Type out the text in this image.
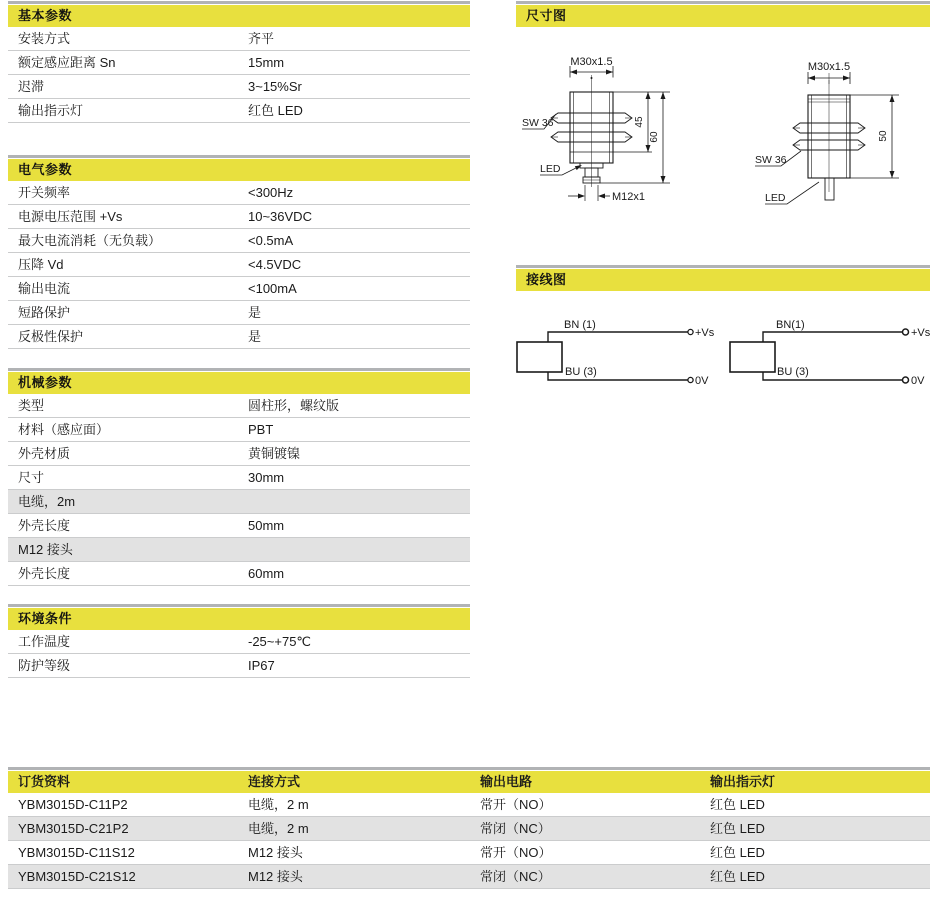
基本参数
安装方式	齐平
额定感应距离 Sn	15mm
迟滞	3~15%Sr
输出指示灯	红色 LED
电气参数
开关频率	<300Hz
电源电压范围 +Vs	10~36VDC
最大电流消耗（无负载）	<0.5mA
压降 Vd	<4.5VDC
输出电流	<100mA
短路保护	是
反极性保护	是
机械参数
类型	圆柱形，螺纹版
材料（感应面）	PBT
外壳材质	黄铜镀镍
尺寸	30mm
电缆，2m
外壳长度	50mm
M12 接头
外壳长度	60mm
环境条件
工作温度	-25~+75℃
防护等级	IP67
尺寸图
M30x1.5
SW 36
LED
M12x1
45
60
M30x1.5
SW 36
LED
50
接线图
+Vs
BN (1)
0V
BU (3)
+Vs
BN(1)
0V
BU (3)
订货资料	连接方式	输出电路	输出指示灯
YBM3015D-C11P2	电缆，2 m	常开（NO）	红色 LED
YBM3015D-C21P2	电缆，2 m	常闭（NC）	红色 LED
YBM3015D-C11S12	M12 接头	常开（NO）	红色 LED
YBM3015D-C21S12	M12 接头	常闭（NC）	红色 LED
